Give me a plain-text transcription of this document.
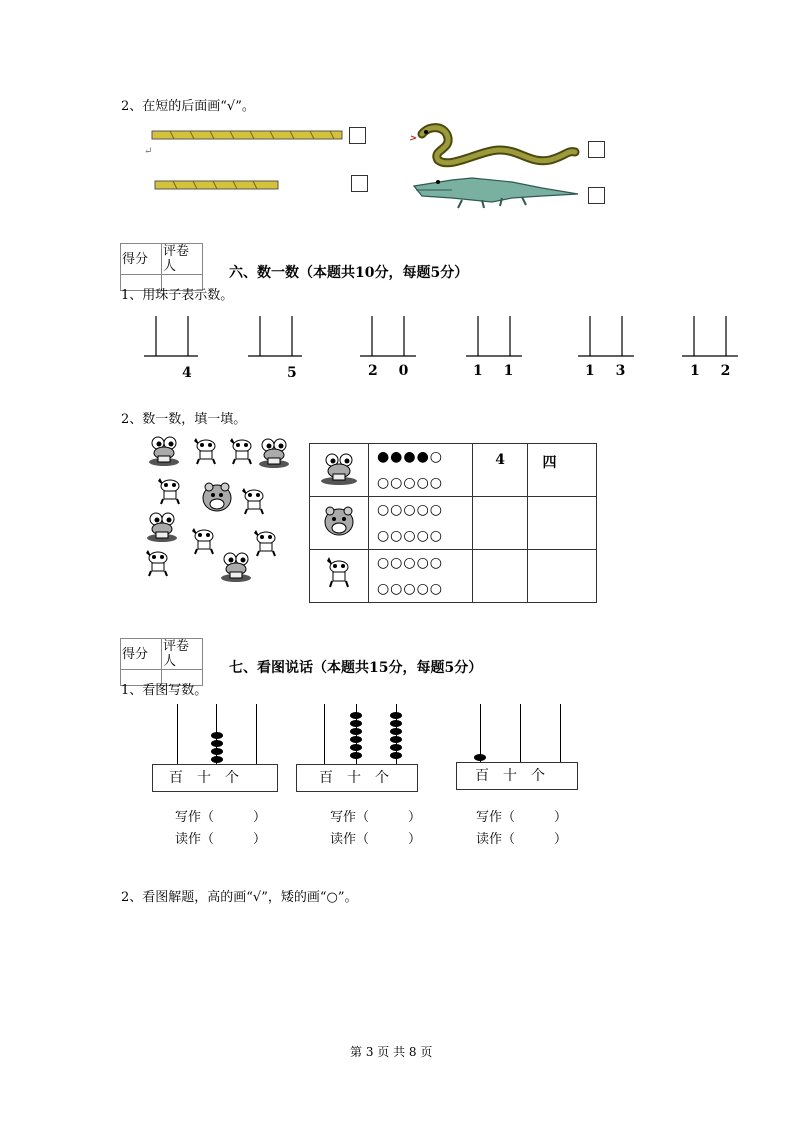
2、在短的后面画“√”。
↵
得分	评卷人
		六、数一数（本题共10分，每题5分）
1、用珠子表示数。
4	5	2 0	1 1	1 3	1 2
2、数一数，填一填。

●●●●○
○○○○○	4	四

○○○○○
○○○○○		

○○○○○
○○○○○		

得分	评卷人
		七、看图说话（本题共15分，每题5分）
1、看图写数。
百　十　个	百　十　个	百　十　个
写作（　　　）
读作（　　　）
写作（　　　）
读作（　　　）
写作（　　　）
读作（　　　）
2、看图解题，高的画“√”，矮的画“○”。
第 3 页 共 8 页
